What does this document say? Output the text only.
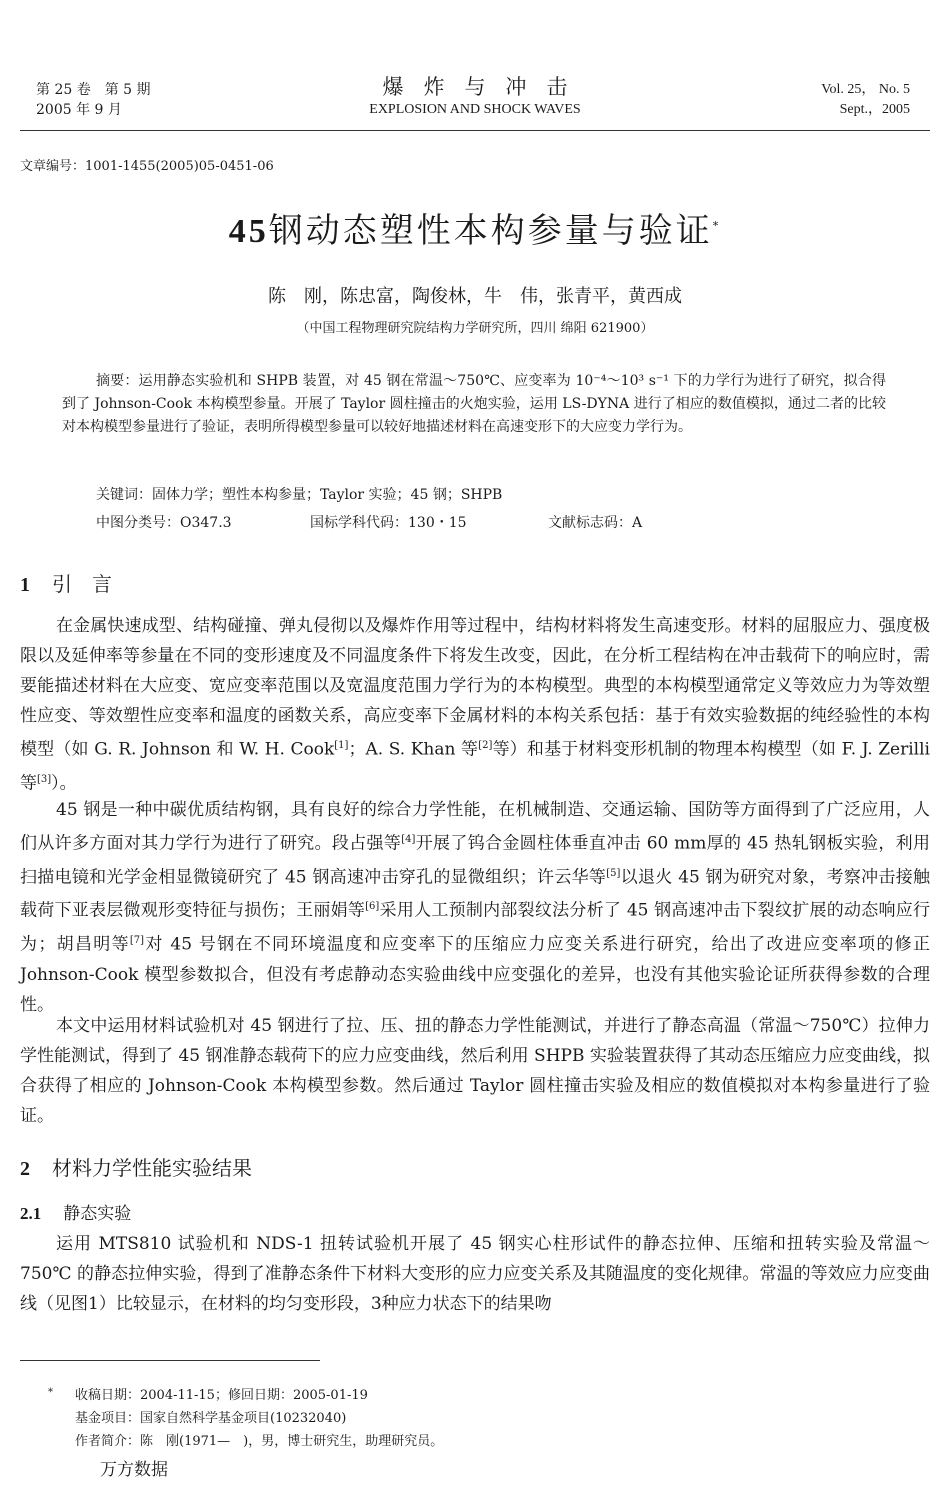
第 25 卷　第 5 期
2005 年 9 月
爆炸与冲击
EXPLOSION AND SHOCK WAVES
Vol. 25， No. 5
Sept.，2005
文章编号：1001-1455(2005)05-0451-06
45钢动态塑性本构参量与验证*
陈　刚，陈忠富，陶俊林，牛　伟，张青平，黄西成
（中国工程物理研究院结构力学研究所，四川 绵阳 621900）
摘要：运用静态实验机和 SHPB 装置，对 45 钢在常温～750℃、应变率为 10⁻⁴～10³ s⁻¹ 下的力学行为进行了研究，拟合得到了 Johnson-Cook 本构模型参量。开展了 Taylor 圆柱撞击的火炮实验，运用 LS-DYNA 进行了相应的数值模拟，通过二者的比较对本构模型参量进行了验证，表明所得模型参量可以较好地描述材料在高速变形下的大应变力学行为。
关键词：固体力学；塑性本构参量；Taylor 实验；45 钢；SHPB
中图分类号：O347.3	国标学科代码：130・15	文献标志码：A
1 引　言
在金属快速成型、结构碰撞、弹丸侵彻以及爆炸作用等过程中，结构材料将发生高速变形。材料的屈服应力、强度极限以及延伸率等参量在不同的变形速度及不同温度条件下将发生改变，因此，在分析工程结构在冲击载荷下的响应时，需要能描述材料在大应变、宽应变率范围以及宽温度范围力学行为的本构模型。典型的本构模型通常定义等效应力为等效塑性应变、等效塑性应变率和温度的函数关系，高应变率下金属材料的本构关系包括：基于有效实验数据的纯经验性的本构模型（如 G. R. Johnson 和 W. H. Cook[1]；A. S. Khan 等[2]等）和基于材料变形机制的物理本构模型（如 F. J. Zerilli 等[3]）。
45 钢是一种中碳优质结构钢，具有良好的综合力学性能，在机械制造、交通运输、国防等方面得到了广泛应用，人们从许多方面对其力学行为进行了研究。段占强等[4]开展了钨合金圆柱体垂直冲击 60 mm厚的 45 热轧钢板实验，利用扫描电镜和光学金相显微镜研究了 45 钢高速冲击穿孔的显微组织；许云华等[5]以退火 45 钢为研究对象，考察冲击接触载荷下亚表层微观形变特征与损伤；王丽娟等[6]采用人工预制内部裂纹法分析了 45 钢高速冲击下裂纹扩展的动态响应行为；胡昌明等[7]对 45 号钢在不同环境温度和应变率下的压缩应力应变关系进行研究，给出了改进应变率项的修正 Johnson-Cook 模型参数拟合，但没有考虑静动态实验曲线中应变强化的差异，也没有其他实验论证所获得参数的合理性。
本文中运用材料试验机对 45 钢进行了拉、压、扭的静态力学性能测试，并进行了静态高温（常温～750℃）拉伸力学性能测试，得到了 45 钢准静态载荷下的应力应变曲线，然后利用 SHPB 实验装置获得了其动态压缩应力应变曲线，拟合获得了相应的 Johnson-Cook 本构模型参数。然后通过 Taylor 圆柱撞击实验及相应的数值模拟对本构参量进行了验证。
2 材料力学性能实验结果
2.1 静态实验
运用 MTS810 试验机和 NDS-1 扭转试验机开展了 45 钢实心柱形试件的静态拉伸、压缩和扭转实验及常温～750℃ 的静态拉伸实验，得到了准静态条件下材料大变形的应力应变关系及其随温度的变化规律。常温的等效应力应变曲线（见图1）比较显示，在材料的均匀变形段，3种应力状态下的结果吻
* 收稿日期：2004-11-15；修回日期：2005-01-19
基金项目：国家自然科学基金项目(10232040)
作者简介：陈　刚(1971—　)，男，博士研究生，助理研究员。
万方数据
